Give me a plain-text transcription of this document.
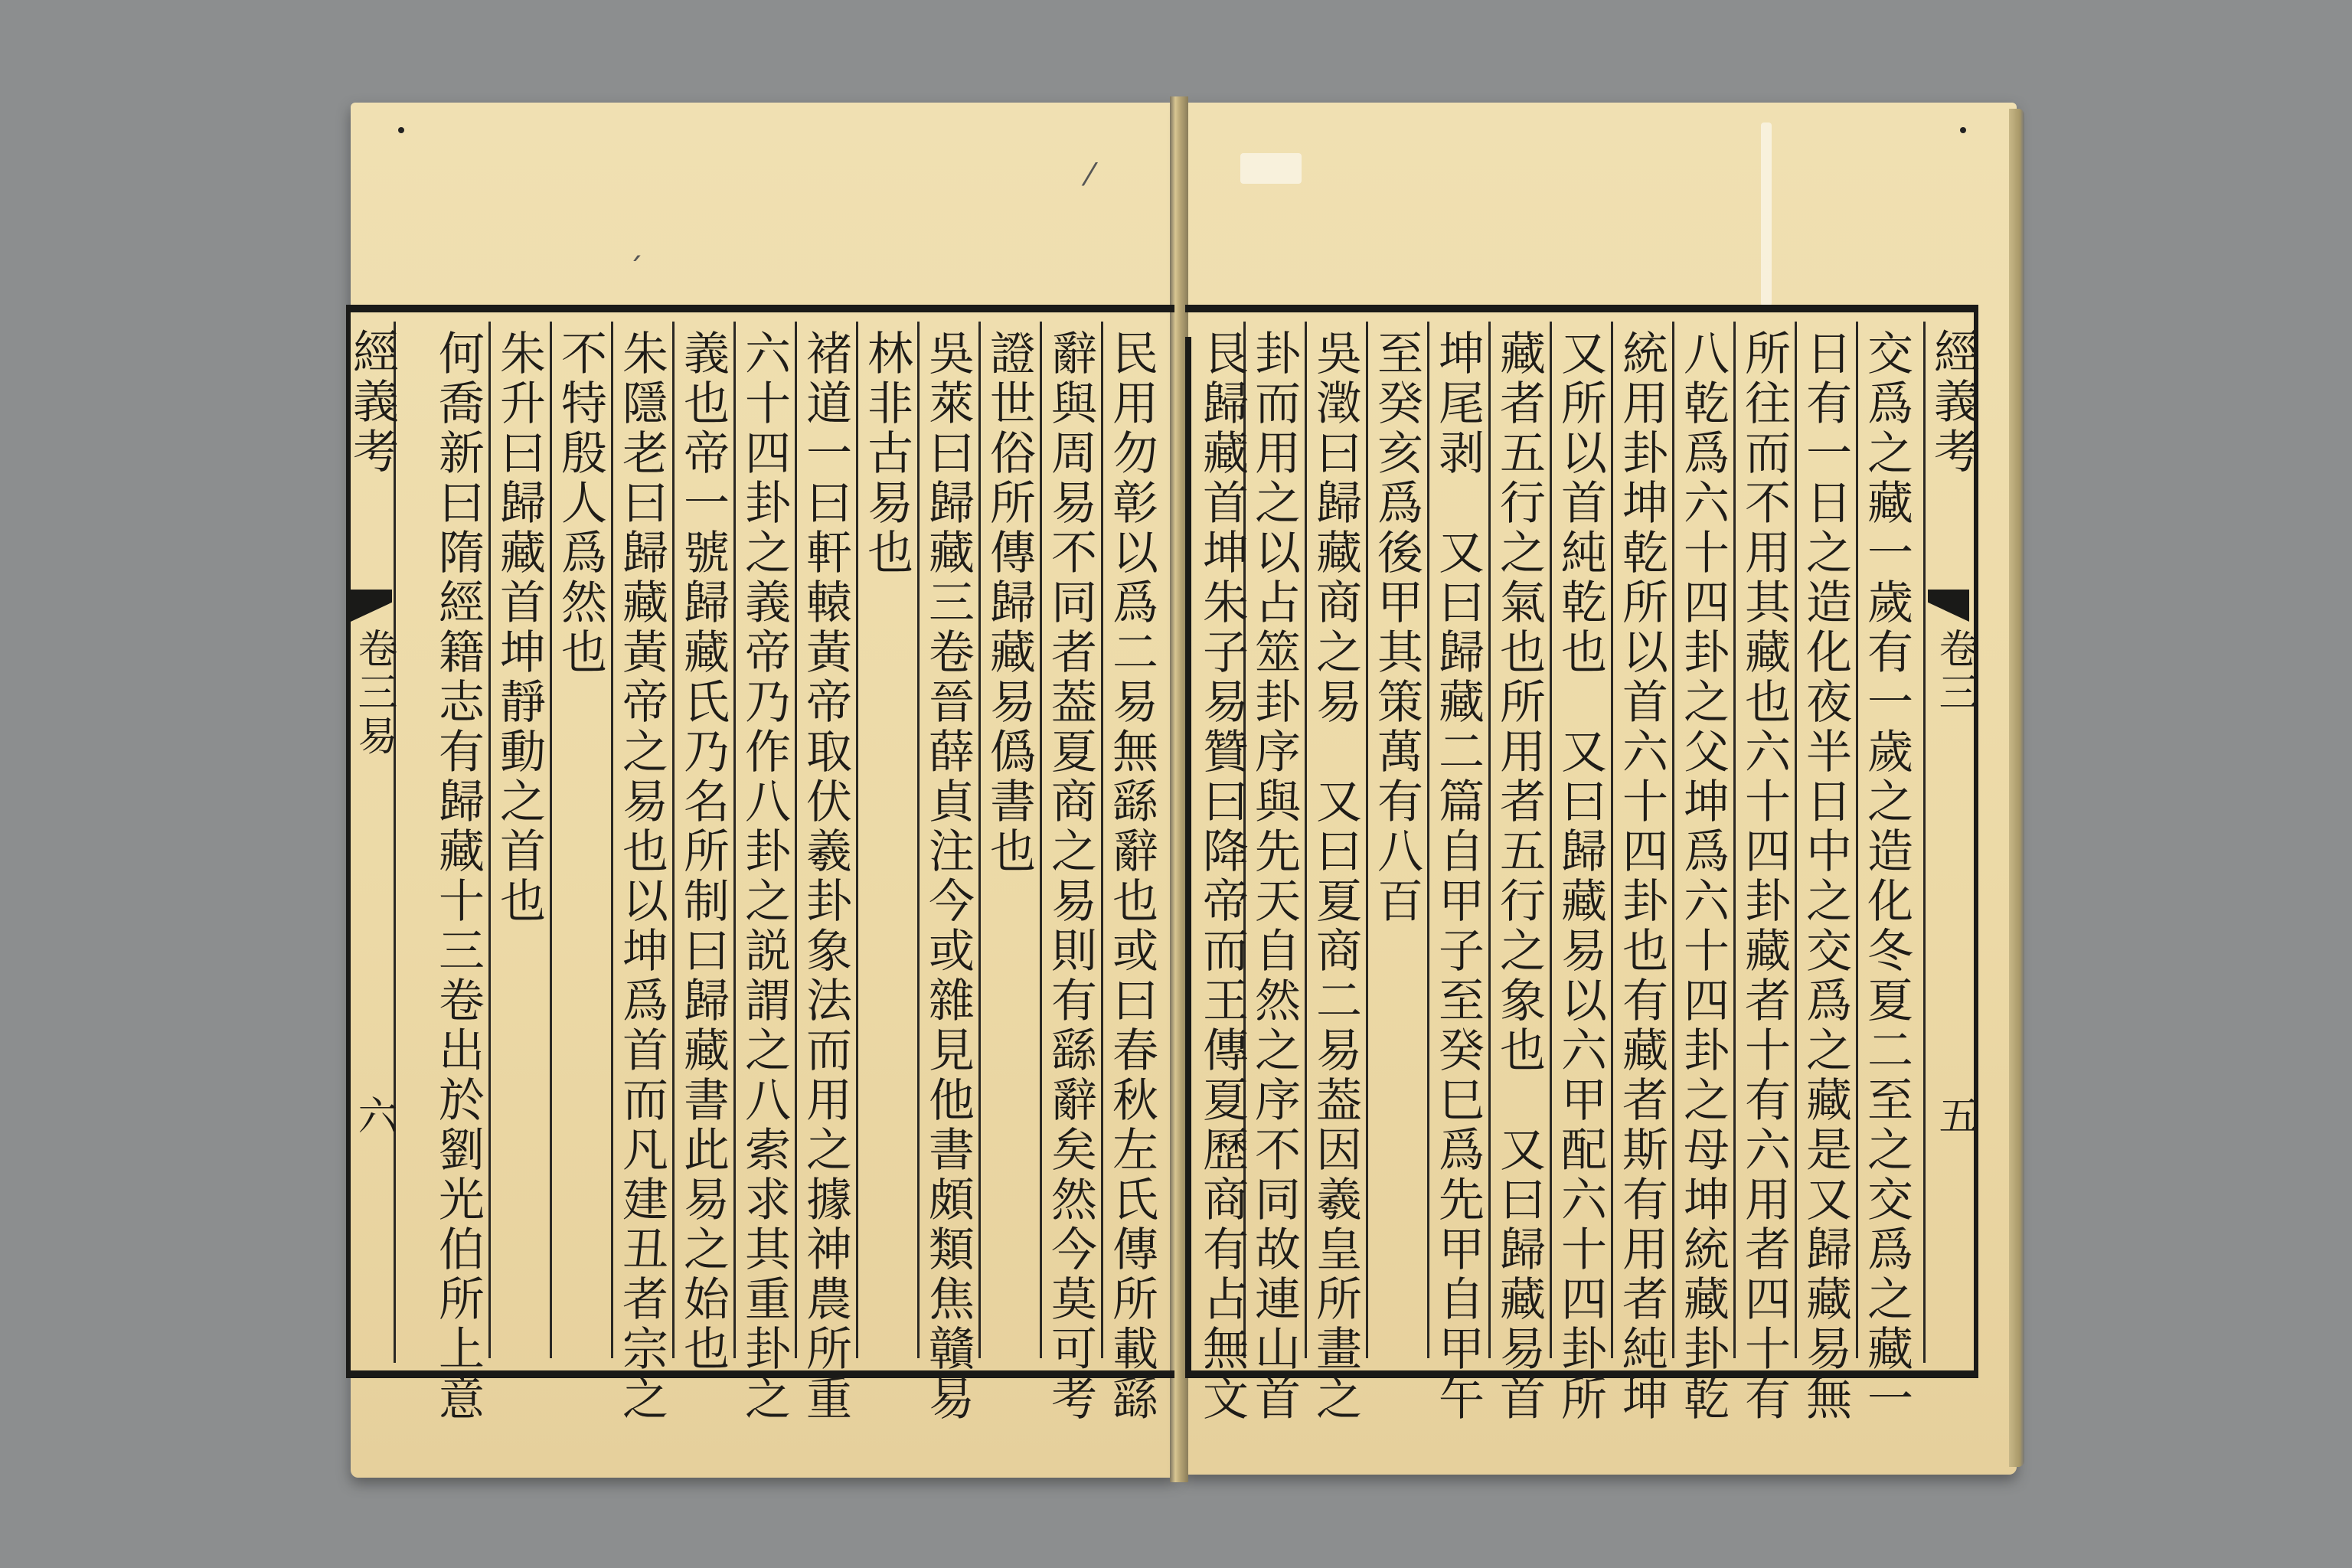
⁄
ˊ
經義考
卷三易
六	民用勿彰以爲二易無繇辭也或曰春秋左氏傳所載繇
辭與周易不同者葢夏商之易則有繇辭矣然今莫可考
證世俗所傳歸藏易僞書也
吳萊曰歸藏三卷晉薛貞注今或雜見他書頗類焦贛易
林非古易也
褚道一曰軒轅黃帝取伏羲卦象法而用之據神農所重
六十四卦之義帝乃作八卦之説謂之八索求其重卦之
義也帝一號歸藏氏乃名所制曰歸藏書此易之始也
朱隱老曰歸藏黃帝之易也以坤爲首而凡建丑者宗之
不特殷人爲然也
朱升曰歸藏首坤靜動之首也
何喬新曰隋經籍志有歸藏十三卷出於劉光伯所上意	經義考
卷三
五
交爲之藏一歲有一歲之造化冬夏二至之交爲之藏一
日有一日之造化夜半日中之交爲之藏是又歸藏易無
所往而不用其藏也六十四卦藏者十有六用者四十有
八乾爲六十四卦之父坤爲六十四卦之母坤統藏卦乾
統用卦坤乾所以首六十四卦也有藏者斯有用者純坤
又所以首純乾也　又曰歸藏易以六甲配六十四卦所
藏者五行之氣也所用者五行之象也　又曰歸藏易首
坤尾剥　又曰歸藏二篇自甲子至癸巳爲先甲自甲午
至癸亥爲後甲其策萬有八百
吳澂曰歸藏商之易　又曰夏商二易葢因羲皇所畫之
卦而用之以占筮卦序與先天自然之序不同故連山首
艮歸藏首坤朱子易贊曰降帝而王傳夏歷商有占無文
